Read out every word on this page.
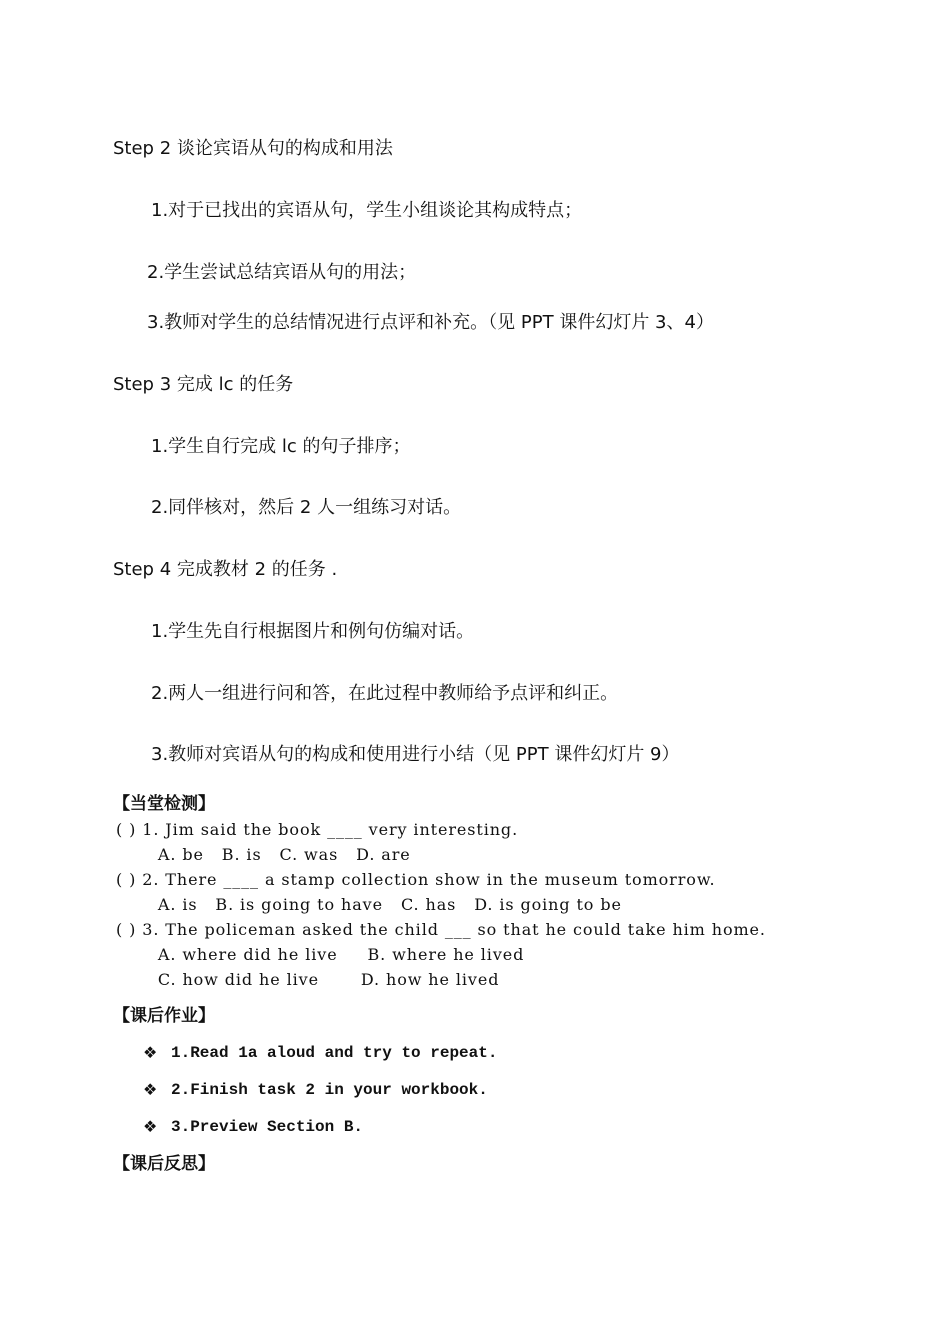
Step 2 谈论宾语从句的构成和用法
1.对于已找出的宾语从句，学生小组谈论其构成特点；
2.学生尝试总结宾语从句的用法；
3.教师对学生的总结情况进行点评和补充。（见 PPT 课件幻灯片 3、4）
Step 3 完成 lc 的任务
1.学生自行完成 lc 的句子排序；
2.同伴核对，然后 2 人一组练习对话。
Step 4 完成教材 2 的任务 .
1.学生先自行根据图片和例句仿编对话。
2.两人一组进行问和答，在此过程中教师给予点评和纠正。
3.教师对宾语从句的构成和使用进行小结（见 PPT 课件幻灯片 9）
【当堂检测】
( ) 1. Jim said the book ____ very interesting.
A. be   B. is   C. was   D. are
( ) 2. There ____ a stamp collection show in the museum tomorrow.
A. is   B. is going to have   C. has   D. is going to be
( ) 3. The policeman asked the child ___ so that he could take him home.
A. where did he live     B. where he lived
C. how did he live       D. how he lived
【课后作业】
❖ 1.Read 1a aloud and try to repeat.
❖ 2.Finish task 2 in your workbook.
❖ 3.Preview Section B.
【课后反思】
